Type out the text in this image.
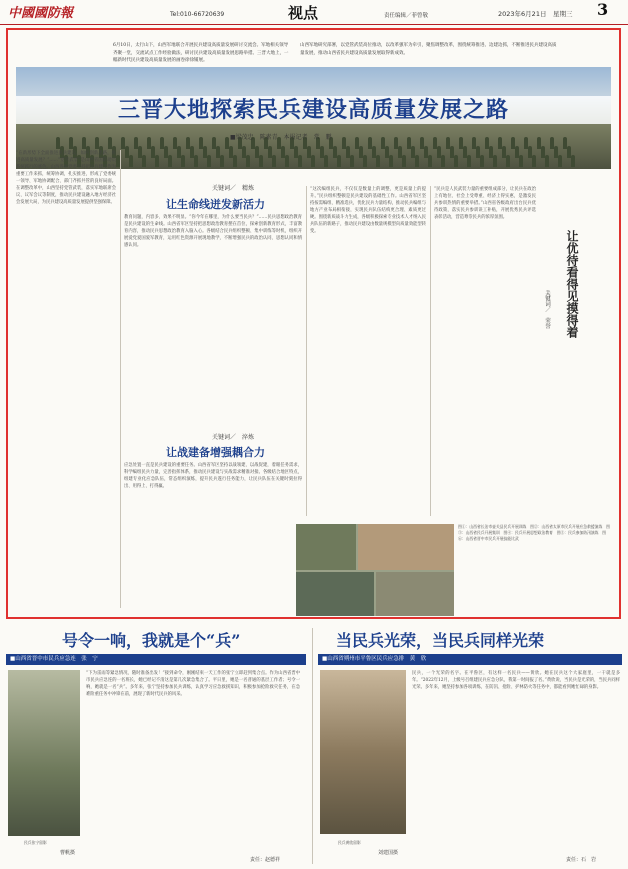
中國國防報	Tel:010-66720639	视点	责任编辑／菲曾敬	2023年6月21日　星期三 3
6月10日，太行山下，山西军地联合开展民兵建设高质量发展研讨交流会。军地相关领导齐聚一堂，交流试点工作经验做法，研讨民兵建设高质量发展思路举措。三晋大地上，一幅新时代民兵建设高质量发展的画卷徐徐铺展。
山西军地研究部署，以党管武装高位推动，以改革强军为牵引，聚焦调整改革，围绕统筹推进、边建边抓，不断推进民兵建设高质量发展，推动山西省民兵建设高质量发展取得新成效。
三晋大地探索民兵建设高质量发展之路
■梁茂忠　陈素青　本报记者　常　鹏
“在新形势下全面推进民兵建设，如何创新思路，推进高质量发展？”……“党管武装”是山西省国防动员系统践行的底色。山西各级党委坚持把民兵建设作为重要工作来抓，统筹协调，扎实推进，形成了党委统一领导、军地协调配合、部门齐抓共管的良好局面。在调整改革中，山西坚持党管武装，落实军地联席会议、议军会议等制度，推动民兵建设融入地方经济社会发展大局，为民兵建设高质量发展提供坚强保障。
关键词／　精炼
让生命线迸发新活力
教育问题，内容多、效果不明显。“你今年在哪里，为什么要当民兵？”……民兵思想政治教育是民兵建设的生命线。山西省军区坚持把思想政治教育摆在首位，探索创新教育形式，丰富教育内容，推动民兵思想政治教育入脑入心。各级结合民兵组织整顿、集中训练等时机，组织开展爱党爱国爱军教育，运用红色资源开展现地教学，不断增强民兵的政治认同、思想认同和情感认同。
关键词／　淬炼
让战建备增强耦合力
应急处置一直是民兵建设的重要任务。山西省军区坚持以战领建、以战促建，着眼任务需求，科学编组民兵力量，完善指挥体系，推动民兵建设与实战需求精准对接。各级结合地区特点，组建专业化应急队伍，常态组织演练，提升民兵遂行任务能力，让民兵队伍在关键时刻拉得出、用得上、打得赢。
“这次编组民兵，不仅仅是数量上的调整，更是质量上的提升。”民兵组织整顿是民兵建设的基础性工作。山西省军区坚持按需编组、精准选兵，优化民兵力量结构，推动民兵编组与地方产业布局相衔接，实现民兵队伍结构更合理、素质更过硬。围绕新质战斗力生成，各级积极探索专业技术人才纳入民兵队伍的新路子，推动民兵建设由数量规模型向质量效能型转变。	让优待看得见摸得着
关键词／　荣誉
“民兵是人民武装力量的重要组成部分，让民兵在政治上有地位、社会上受尊重、经济上得实惠，是激发民兵参训热情的重要举措。”山西省各级政府出台民兵优待政策，落实民兵参训误工补贴，开展优秀民兵评选表彰活动，营造尊崇民兵的浓厚氛围。
图①：山西省长治市壶关县民兵开展训练　图②：山西省太原市民兵开展应急救援演练　图③：山西省民兵开展集训　图④：民兵开展思想政治教育　图⑤：民兵参加防汛演练　图⑥：山西省晋中市民兵开展技能比武
号令一响，我就是个“兵”
■山西省晋中市民兵应急连　张　宁
民兵张宁留影
曹帆摄
“下为雷雨等紧急情况，随时准备出发！”接到命令，刚刚结束一天工作的张宁立即赶到集合点。作为山西省晋中市民兵应急连的一名班长，她已经记不清这是第几次紧急集合了。平日里，她是一名普通的基层工作者；号令一响，她就是一名“兵”。多年来，张宁坚持参加民兵训练，认真学习应急救援知识，积极参加抢险救灾任务，在急难险重任务中冲锋在前，展现了新时代民兵的风采。
责任：赵德祥
当民兵光荣，当民兵同样光荣
■山西省朔州市平鲁区民兵应急排　黄　欣
民兵黄欣留影
刘建国摄
民兵，一个光荣的名字。在平鲁区，有这样一名民兵——黄欣。她在民兵这个大家庭里，一干就是多年。“2022年12月，上级号召组建民兵应急分队，我第一时间报了名。”黄欣说，当民兵是光荣的，当民兵同样光荣。多年来，她坚持参加各项训练，在防汛、抢险、护林防火等任务中，都能看到她忙碌的身影。
责任：石　岩
